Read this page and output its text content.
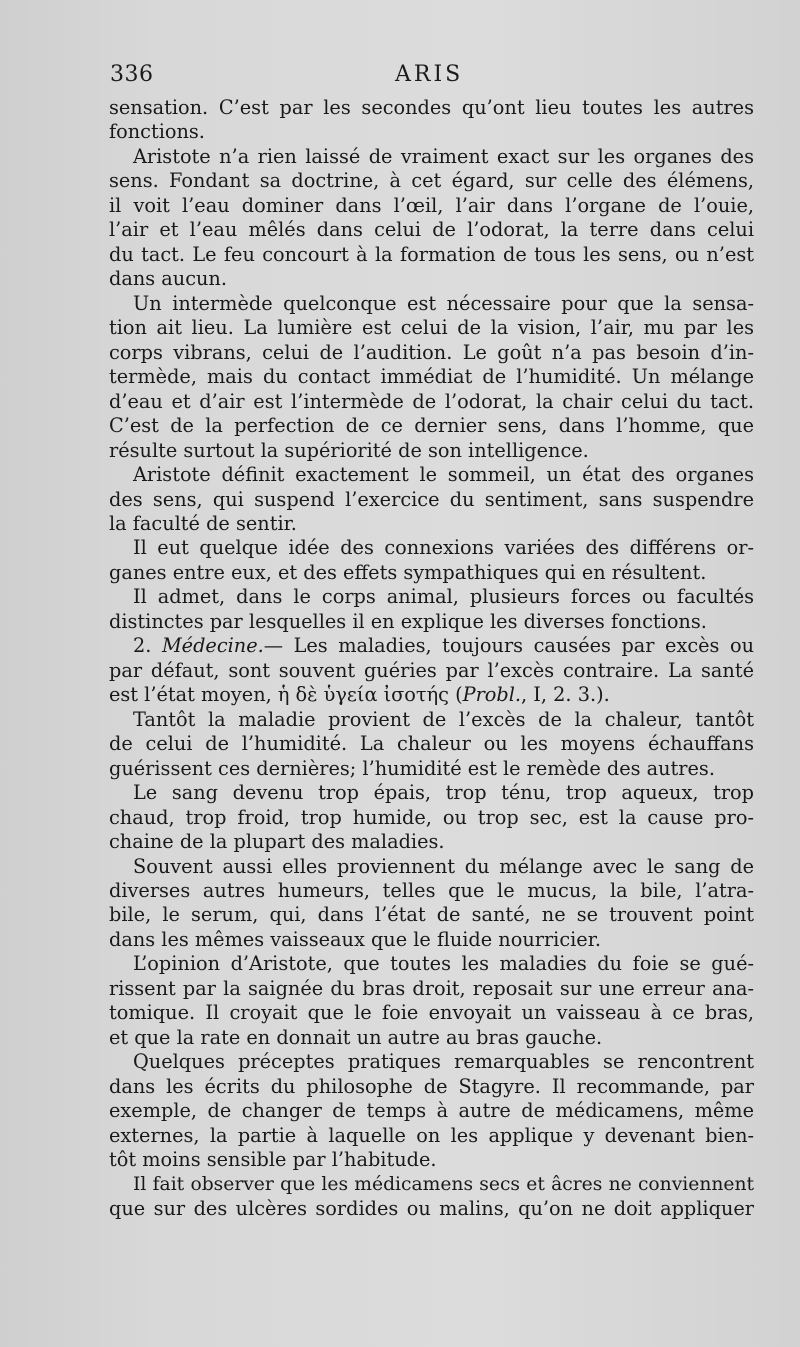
336	ARIS
sensation. C’est par les secondes qu’ont lieu toutes les autres
fonctions.
Aristote n’a rien laissé de vraiment exact sur les organes des
sens. Fondant sa doctrine, à cet égard, sur celle des élémens,
il voit l’eau dominer dans l’œil, l’air dans l’organe de l’ouie,
l’air et l’eau mêlés dans celui de l’odorat, la terre dans celui
du tact. Le feu concourt à la formation de tous les sens, ou n’est
dans aucun.
Un intermède quelconque est nécessaire pour que la sensa-
tion ait lieu. La lumière est celui de la vision, l’air, mu par les
corps vibrans, celui de l’audition. Le goût n’a pas besoin d’in-
termède, mais du contact immédiat de l’humidité. Un mélange
d’eau et d’air est l’intermède de l’odorat, la chair celui du tact.
C’est de la perfection de ce dernier sens, dans l’homme, que
résulte surtout la supériorité de son intelligence.
Aristote définit exactement le sommeil, un état des organes
des sens, qui suspend l’exercice du sentiment, sans suspendre
la faculté de sentir.
Il eut quelque idée des connexions variées des différens or-
ganes entre eux, et des effets sympathiques qui en résultent.
Il admet, dans le corps animal, plusieurs forces ou facultés
distinctes par lesquelles il en explique les diverses fonctions.
2. Médecine.— Les maladies, toujours causées par excès ou
par défaut, sont souvent guéries par l’excès contraire. La santé
est l’état moyen, ἡ δὲ ὑγεία ἰσοτής (Probl., I, 2. 3.).
Tantôt la maladie provient de l’excès de la chaleur, tantôt
de celui de l’humidité. La chaleur ou les moyens échauffans
guérissent ces dernières; l’humidité est le remède des autres.
Le sang devenu trop épais, trop ténu, trop aqueux, trop
chaud, trop froid, trop humide, ou trop sec, est la cause pro-
chaine de la plupart des maladies.
Souvent aussi elles proviennent du mélange avec le sang de
diverses autres humeurs, telles que le mucus, la bile, l’atra-
bile, le serum, qui, dans l’état de santé, ne se trouvent point
dans les mêmes vaisseaux que le fluide nourricier.
L’opinion d’Aristote, que toutes les maladies du foie se gué-
rissent par la saignée du bras droit, reposait sur une erreur ana-
tomique. Il croyait que le foie envoyait un vaisseau à ce bras,
et que la rate en donnait un autre au bras gauche.
Quelques préceptes pratiques remarquables se rencontrent
dans les écrits du philosophe de Stagyre. Il recommande, par
exemple, de changer de temps à autre de médicamens, même
externes, la partie à laquelle on les applique y devenant bien-
tôt moins sensible par l’habitude.
Il fait observer que les médicamens secs et âcres ne conviennent
que sur des ulcères sordides ou malins, qu’on ne doit appliquer
